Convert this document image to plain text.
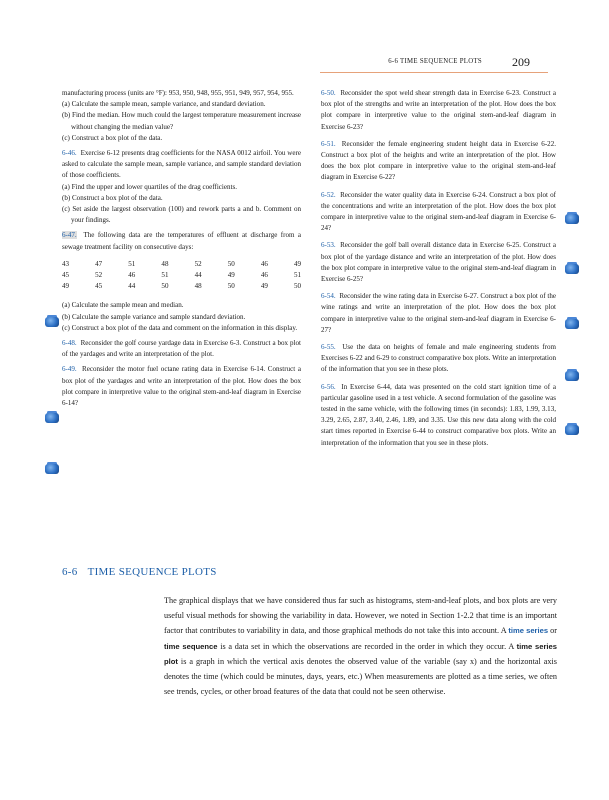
6-6 TIME SEQUENCE PLOTS	209

manufacturing process (units are °F): 953, 950, 948, 955, 951, 949, 957, 954, 955.

(a) Calculate the sample mean, sample variance, and standard deviation.

(b) Find the median. How much could the largest temperature measurement increase without changing the median value?

(c) Construct a box plot of the data.

6-46. Exercise 6-12 presents drag coefficients for the NASA 0012 airfoil. You were asked to calculate the sample mean, sample variance, and sample standard deviation of those coefficients.

(a) Find the upper and lower quartiles of the drag coefficients.

(b) Construct a box plot of the data.

(c) Set aside the largest observation (100) and rework parts a and b. Comment on your findings.

6-47. The following data are the temperatures of effluent at discharge from a sewage treatment facility on consecutive days:

43	47	51	48	52	50	46	49
45	52	46	51	44	49	46	51
49	45	44	50	48	50	49	50

(a) Calculate the sample mean and median.

(b) Calculate the sample variance and sample standard deviation.

(c) Construct a box plot of the data and comment on the information in this display.

6-48. Reconsider the golf course yardage data in Exercise 6-3. Construct a box plot of the yardages and write an interpretation of the plot.

6-49. Reconsider the motor fuel octane rating data in Exercise 6-14. Construct a box plot of the yardages and write an interpretation of the plot. How does the box plot compare in interpretive value to the original stem-and-leaf diagram in Exercise 6-14?

6-50. Reconsider the spot weld shear strength data in Exercise 6-23. Construct a box plot of the strengths and write an interpretation of the plot. How does the box plot compare in interpretive value to the original stem-and-leaf diagram in Exercise 6-23?

6-51. Reconsider the female engineering student height data in Exercise 6-22. Construct a box plot of the heights and write an interpretation of the plot. How does the box plot compare in interpretive value to the original stem-and-leaf diagram in Exercise 6-22?

6-52. Reconsider the water quality data in Exercise 6-24. Construct a box plot of the concentrations and write an interpretation of the plot. How does the box plot compare in interpretive value to the original stem-and-leaf diagram in Exercise 6-24?

6-53. Reconsider the golf ball overall distance data in Exercise 6-25. Construct a box plot of the yardage distance and write an interpretation of the plot. How does the box plot compare in interpretive value to the original stem-and-leaf diagram in Exercise 6-25?

6-54. Reconsider the wine rating data in Exercise 6-27. Construct a box plot of the wine ratings and write an interpretation of the plot. How does the box plot compare in interpretive value to the original stem-and-leaf diagram in Exercise 6-27?

6-55. Use the data on heights of female and male engineering students from Exercises 6-22 and 6-29 to construct comparative box plots. Write an interpretation of the information that you see in these plots.

6-56. In Exercise 6-44, data was presented on the cold start ignition time of a particular gasoline used in a test vehicle. A second formulation of the gasoline was tested in the same vehicle, with the following times (in seconds): 1.83, 1.99, 3.13, 3.29, 2.65, 2.87, 3.40, 2.46, 1.89, and 3.35. Use this new data along with the cold start times reported in Exercise 6-44 to construct comparative box plots. Write an interpretation of the information that you see in these plots.

6-6 TIME SEQUENCE PLOTS
The graphical displays that we have considered thus far such as histograms, stem-and-leaf plots, and box plots are very useful visual methods for showing the variability in data. However, we noted in Section 1-2.2 that time is an important factor that contributes to variability in data, and those graphical methods do not take this into account. A time series or time sequence is a data set in which the observations are recorded in the order in which they occur. A time series plot is a graph in which the vertical axis denotes the observed value of the variable (say x) and the horizontal axis denotes the time (which could be minutes, days, years, etc.) When measurements are plotted as a time series, we often see trends, cycles, or other broad features of the data that could not be seen otherwise.
